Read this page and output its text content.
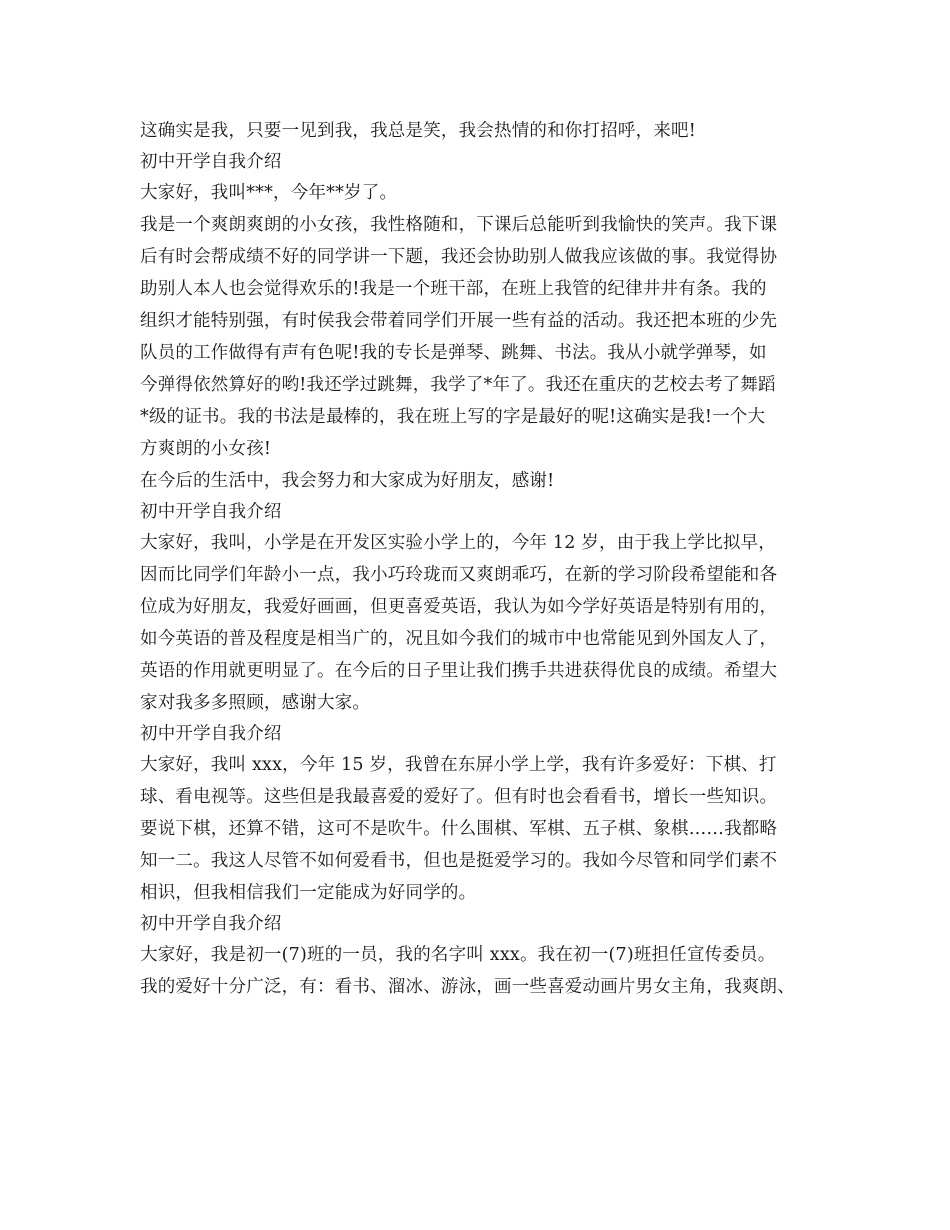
这确实是我，只要一见到我，我总是笑，我会热情的和你打招呼，来吧!
初中开学自我介绍
大家好，我叫***，今年**岁了。
我是一个爽朗爽朗的小女孩，我性格随和，下课后总能听到我愉快的笑声。我下课
后有时会帮成绩不好的同学讲一下题，我还会协助别人做我应该做的事。我觉得协
助别人本人也会觉得欢乐的!我是一个班干部，在班上我管的纪律井井有条。我的
组织才能特别强，有时侯我会带着同学们开展一些有益的活动。我还把本班的少先
队员的工作做得有声有色呢!我的专长是弹琴、跳舞、书法。我从小就学弹琴，如
今弹得依然算好的哟!我还学过跳舞，我学了*年了。我还在重庆的艺校去考了舞蹈
*级的证书。我的书法是最棒的，我在班上写的字是最好的呢!这确实是我!一个大
方爽朗的小女孩!
在今后的生活中，我会努力和大家成为好朋友，感谢!
初中开学自我介绍
大家好，我叫，小学是在开发区实验小学上的，今年 12 岁，由于我上学比拟早，
因而比同学们年龄小一点，我小巧玲珑而又爽朗乖巧，在新的学习阶段希望能和各
位成为好朋友，我爱好画画，但更喜爱英语，我认为如今学好英语是特别有用的，
如今英语的普及程度是相当广的，况且如今我们的城市中也常能见到外国友人了，
英语的作用就更明显了。在今后的日子里让我们携手共进获得优良的成绩。希望大
家对我多多照顾，感谢大家。
初中开学自我介绍
大家好，我叫 xxx，今年 15 岁，我曾在东屏小学上学，我有许多爱好：下棋、打
球、看电视等。这些但是我最喜爱的爱好了。但有时也会看看书，增长一些知识。
要说下棋，还算不错，这可不是吹牛。什么围棋、军棋、五子棋、象棋……我都略
知一二。我这人尽管不如何爱看书，但也是挺爱学习的。我如今尽管和同学们素不
相识，但我相信我们一定能成为好同学的。
初中开学自我介绍
大家好，我是初一(7)班的一员，我的名字叫 xxx。我在初一(7)班担任宣传委员。
我的爱好十分广泛，有：看书、溜冰、游泳，画一些喜爱动画片男女主角，我爽朗、
